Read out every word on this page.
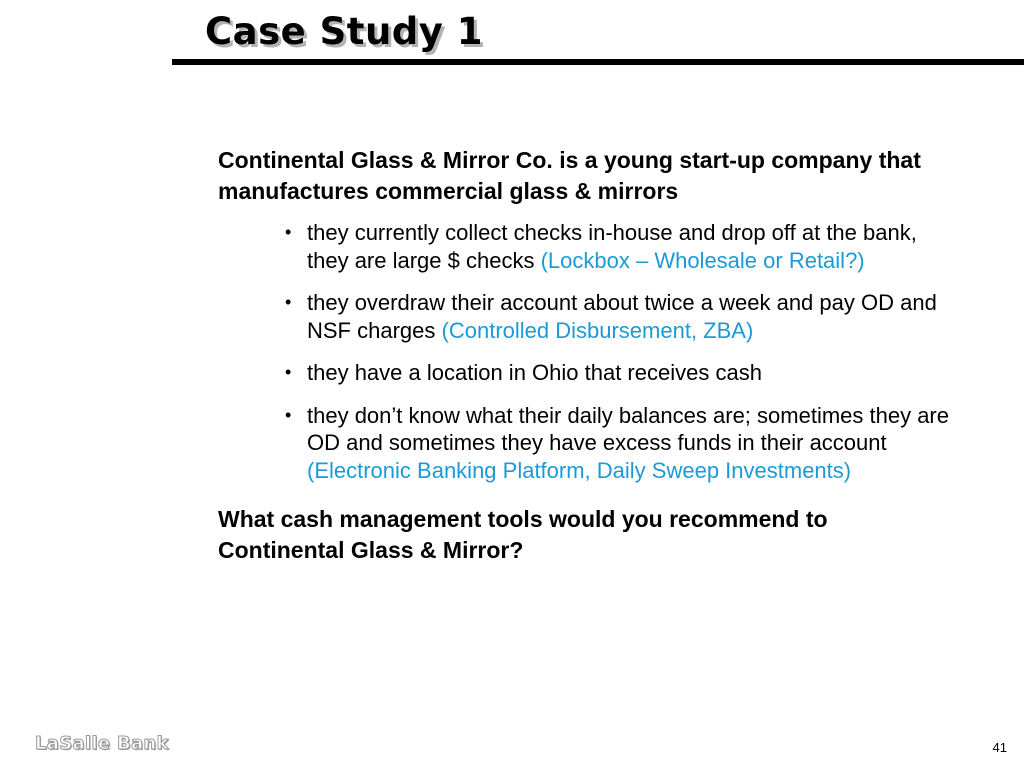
Case Study 1

Continental Glass & Mirror Co. is a young start-up company that manufactures commercial glass & mirrors

• they currently collect checks in-house and drop off at the bank, they are large $ checks (Lockbox – Wholesale or Retail?)
• they overdraw their account about twice a week and pay OD and NSF charges (Controlled Disbursement, ZBA)
• they have a location in Ohio that receives cash
• they don’t know what their daily balances are; sometimes they are OD and sometimes they have excess funds in their account (Electronic Banking Platform, Daily Sweep Investments)

What cash management tools would you recommend to Continental Glass & Mirror?

LaSalle Bank	41
